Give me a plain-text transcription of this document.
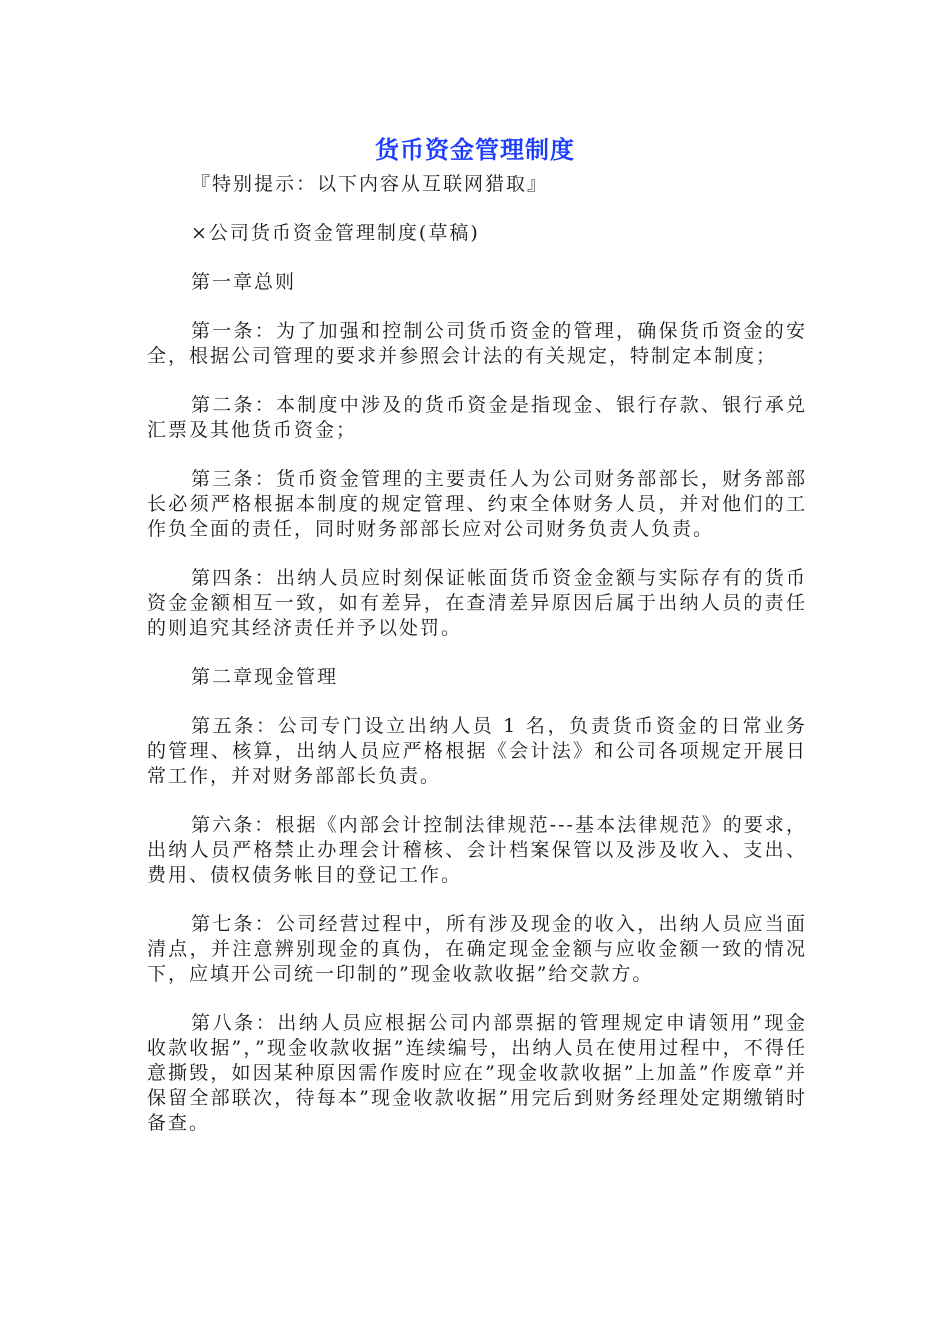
货币资金管理制度

『特别提示：以下内容从互联网猎取』

×公司货币资金管理制度(草稿)

第一章总则

第一条：为了加强和控制公司货币资金的管理，确保货币资金的安全，根据公司管理的要求并参照会计法的有关规定，特制定本制度；

第二条：本制度中涉及的货币资金是指现金、银行存款、银行承兑汇票及其他货币资金；

第三条：货币资金管理的主要责任人为公司财务部部长，财务部部长必须严格根据本制度的规定管理、约束全体财务人员，并对他们的工作负全面的责任，同时财务部部长应对公司财务负责人负责。

第四条：出纳人员应时刻保证帐面货币资金金额与实际存有的货币资金金额相互一致，如有差异，在查清差异原因后属于出纳人员的责任的则追究其经济责任并予以处罚。

第二章现金管理

第五条：公司专门设立出纳人员 1 名，负责货币资金的日常业务的管理、核算，出纳人员应严格根据《会计法》和公司各项规定开展日常工作，并对财务部部长负责。

第六条：根据《内部会计控制法律规范---基本法律规范》的要求，出纳人员严格禁止办理会计稽核、会计档案保管以及涉及收入、支出、费用、债权债务帐目的登记工作。

第七条：公司经营过程中，所有涉及现金的收入，出纳人员应当面清点，并注意辨别现金的真伪，在确定现金金额与应收金额一致的情况下，应填开公司统一印制的”现金收款收据”给交款方。

第八条：出纳人员应根据公司内部票据的管理规定申请领用”现金收款收据”，”现金收款收据”连续编号，出纳人员在使用过程中，不得任意撕毁，如因某种原因需作废时应在”现金收款收据”上加盖”作废章”并保留全部联次，待每本”现金收款收据”用完后到财务经理处定期缴销时备查。
